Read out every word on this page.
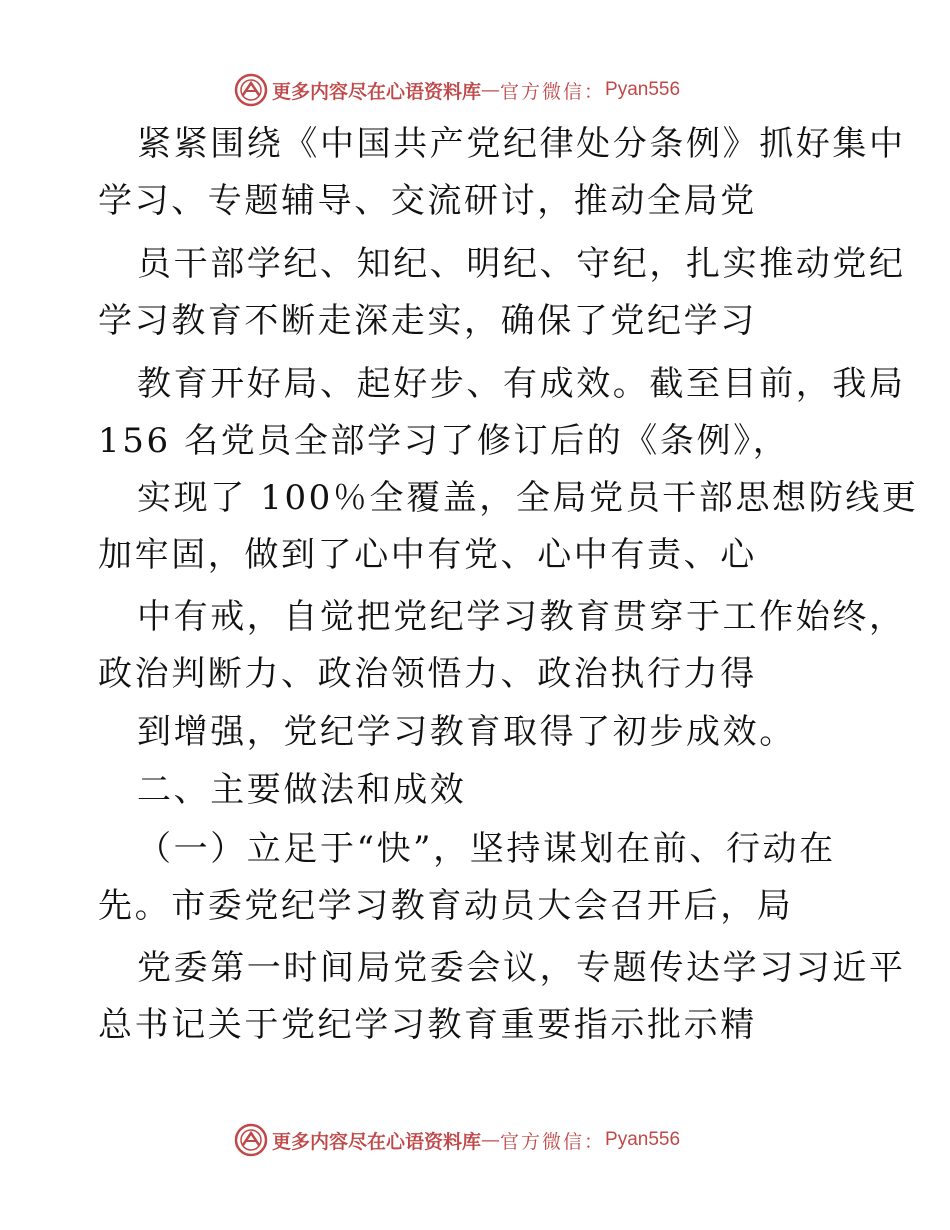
更多内容尽在心语资料库 — 官方微信： Pyan556
紧紧围绕《中国共产党纪律处分条例》抓好集中
学习、专题辅导、交流研讨，推动全局党
员干部学纪、知纪、明纪、守纪，扎实推动党纪
学习教育不断走深走实，确保了党纪学习
教育开好局、起好步、有成效。截至目前，我局
156 名党员全部学习了修订后的《条例》，
实现了 100％全覆盖，全局党员干部思想防线更
加牢固，做到了心中有党、心中有责、心
中有戒，自觉把党纪学习教育贯穿于工作始终，
政治判断力、政治领悟力、政治执行力得
到增强，党纪学习教育取得了初步成效。
二、主要做法和成效
（一）立足于“快”，坚持谋划在前、行动在
先。市委党纪学习教育动员大会召开后，局
党委第一时间局党委会议，专题传达学习习近平
总书记关于党纪学习教育重要指示批示精
更多内容尽在心语资料库 — 官方微信： Pyan556
